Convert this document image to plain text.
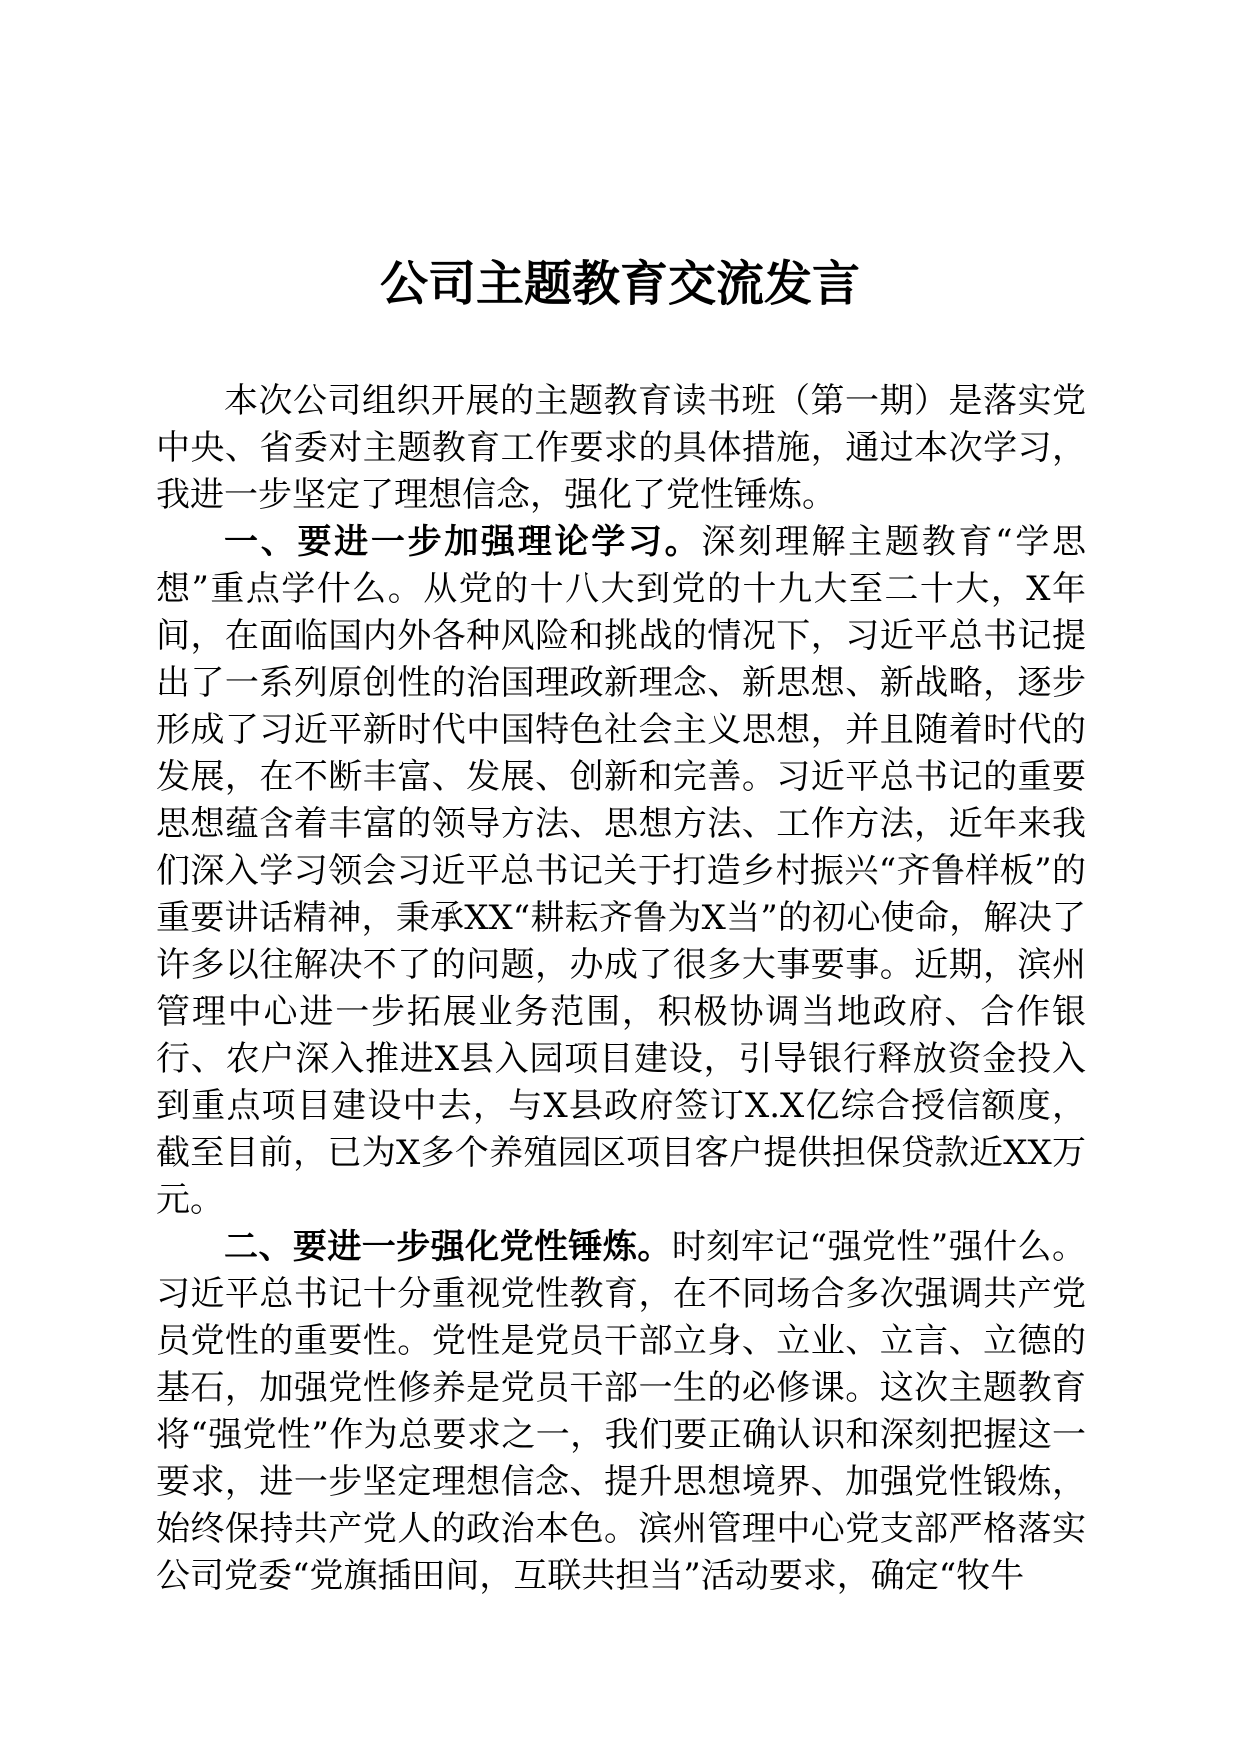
公司主题教育交流发言

本次公司组织开展的主题教育读书班（第一期）是落实党中央、省委对主题教育工作要求的具体措施，通过本次学习，我进一步坚定了理想信念，强化了党性锤炼。

一、要进一步加强理论学习。深刻理解主题教育“学思想”重点学什么。从党的十八大到党的十九大至二十大，X年间，在面临国内外各种风险和挑战的情况下，习近平总书记提出了一系列原创性的治国理政新理念、新思想、新战略，逐步形成了习近平新时代中国特色社会主义思想，并且随着时代的发展，在不断丰富、发展、创新和完善。习近平总书记的重要思想蕴含着丰富的领导方法、思想方法、工作方法，近年来我们深入学习领会习近平总书记关于打造乡村振兴“齐鲁样板”的重要讲话精神，秉承XX“耕耘齐鲁为X当”的初心使命，解决了许多以往解决不了的问题，办成了很多大事要事。近期，滨州管理中心进一步拓展业务范围，积极协调当地政府、合作银行、农户深入推进X县入园项目建设，引导银行释放资金投入到重点项目建设中去，与X县政府签订X.X亿综合授信额度，截至目前，已为X多个养殖园区项目客户提供担保贷款近XX万元。

二、要进一步强化党性锤炼。时刻牢记“强党性”强什么。习近平总书记十分重视党性教育，在不同场合多次强调共产党员党性的重要性。党性是党员干部立身、立业、立言、立德的基石，加强党性修养是党员干部一生的必修课。这次主题教育将“强党性”作为总要求之一，我们要正确认识和深刻把握这一要求，进一步坚定理想信念、提升思想境界、加强党性锻炼，始终保持共产党人的政治本色。滨州管理中心党支部严格落实公司党委“党旗插田间，互联共担当”活动要求，确定“牧牛
